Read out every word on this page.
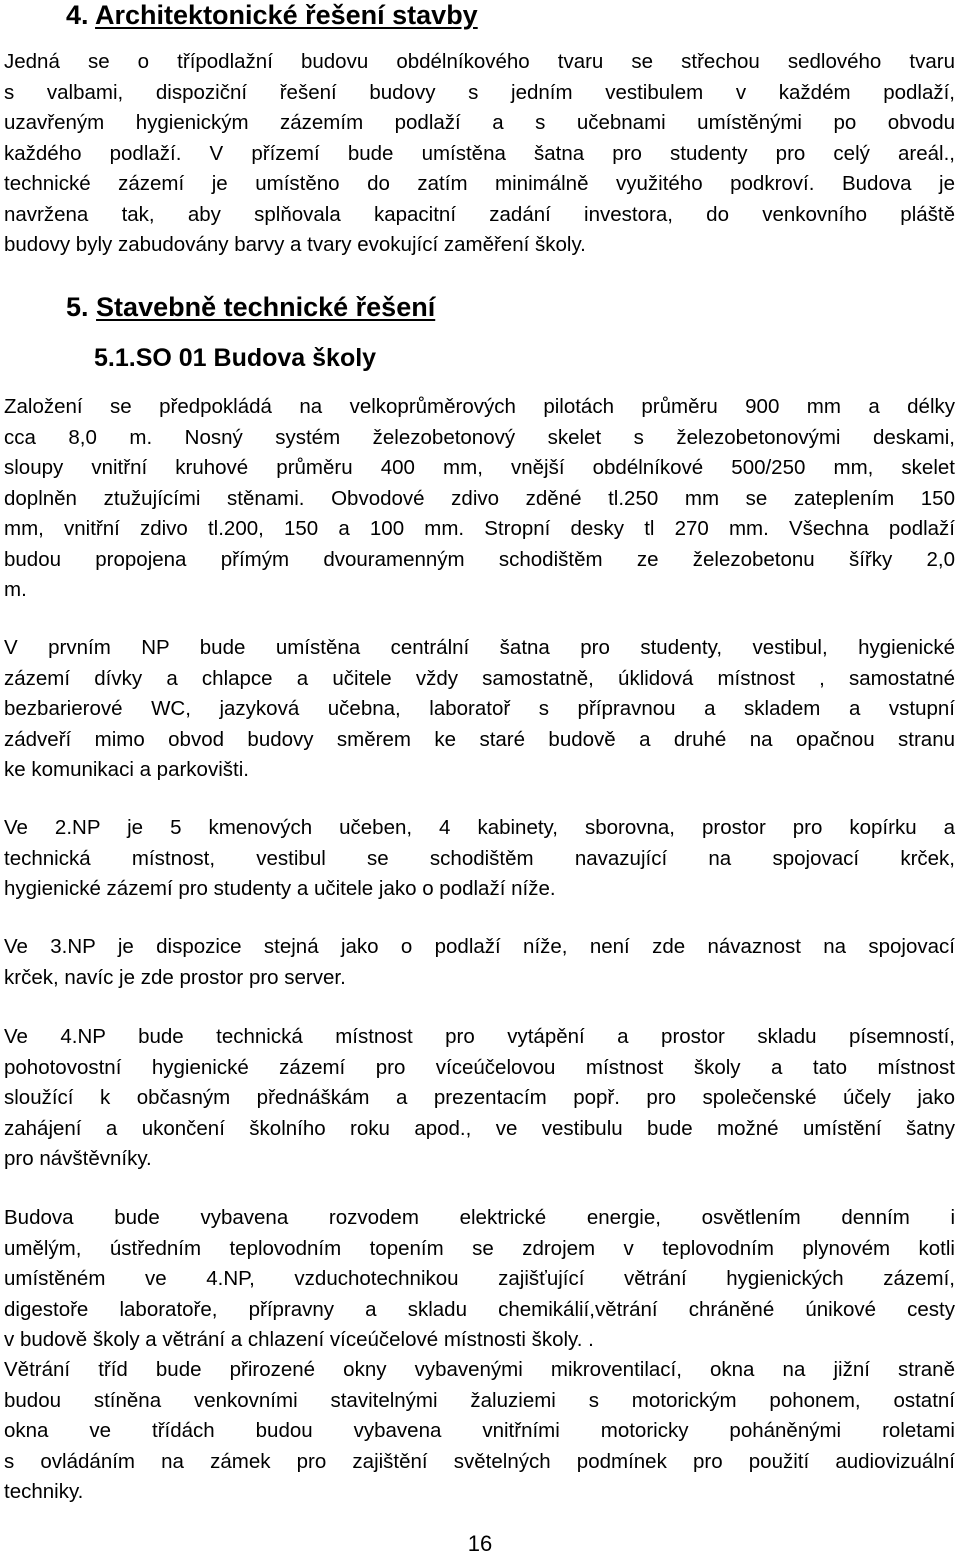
4. Architektonické řešení stavby
Jedná se o třípodlažní budovu obdélníkového tvaru se střechou sedlového tvaru
s valbami, dispoziční řešení budovy s jedním vestibulem v každém podlaží,
uzavřeným hygienickým zázemím podlaží a s učebnami umístěnými po obvodu
každého podlaží. V přízemí bude umístěna šatna pro studenty pro celý areál.,
technické zázemí je umístěno do zatím minimálně využitého podkroví. Budova je
navržena tak, aby splňovala kapacitní zadání investora, do venkovního pláště
budovy byly zabudovány barvy a tvary evokující zaměření školy.
5. Stavebně technické řešení
5.1.SO 01 Budova školy
Založení se předpokládá na velkoprůměrových pilotách průměru 900 mm a délky
cca 8,0 m. Nosný systém železobetonový skelet s železobetonovými deskami,
sloupy vnitřní kruhové průměru 400 mm, vnější obdélníkové 500/250 mm, skelet
doplněn ztužujícími stěnami. Obvodové zdivo zděné tl.250 mm se zateplením 150
mm, vnitřní zdivo tl.200, 150 a 100 mm. Stropní desky tl 270 mm. Všechna podlaží
budou propojena přímým dvouramenným schodištěm ze železobetonu šířky 2,0
m.
V prvním NP bude umístěna centrální šatna pro studenty, vestibul, hygienické
zázemí dívky a chlapce a učitele vždy samostatně, úklidová místnost , samostatné
bezbarierové WC, jazyková učebna, laboratoř s přípravnou a skladem a vstupní
zádveří mimo obvod budovy směrem ke staré budově a druhé na opačnou stranu
ke komunikaci a parkovišti.
Ve 2.NP je 5 kmenových učeben, 4 kabinety, sborovna, prostor pro kopírku a
technická místnost, vestibul se schodištěm navazující na spojovací krček,
hygienické zázemí pro studenty a učitele jako o podlaží níže.
Ve 3.NP je dispozice stejná jako o podlaží níže, není zde návaznost na spojovací
krček, navíc je zde prostor pro server.
Ve 4.NP bude technická místnost pro vytápění a prostor skladu písemností,
pohotovostní hygienické zázemí pro víceúčelovou místnost školy a tato místnost
sloužící k občasným přednáškám a prezentacím popř. pro společenské účely jako
zahájení a ukončení školního roku apod., ve vestibulu bude možné umístění šatny
pro návštěvníky.
Budova bude vybavena rozvodem elektrické energie, osvětlením denním i
umělým, ústředním teplovodním topením se zdrojem v teplovodním plynovém kotli
umístěném ve 4.NP, vzduchotechnikou zajišťující větrání hygienických zázemí,
digestoře laboratoře, přípravny a skladu chemikálií,větrání chráněné únikové cesty
v budově školy a větrání a chlazení víceúčelové místnosti školy. .
Větrání tříd bude přirozené okny vybavenými mikroventilací, okna na jižní straně
budou stíněna venkovními stavitelnými žaluziemi s motorickým pohonem, ostatní
okna ve třídách budou vybavena vnitřními motoricky poháněnými roletami
s ovládáním na zámek pro zajištění světelných podmínek pro použití audiovizuální
techniky.
16
